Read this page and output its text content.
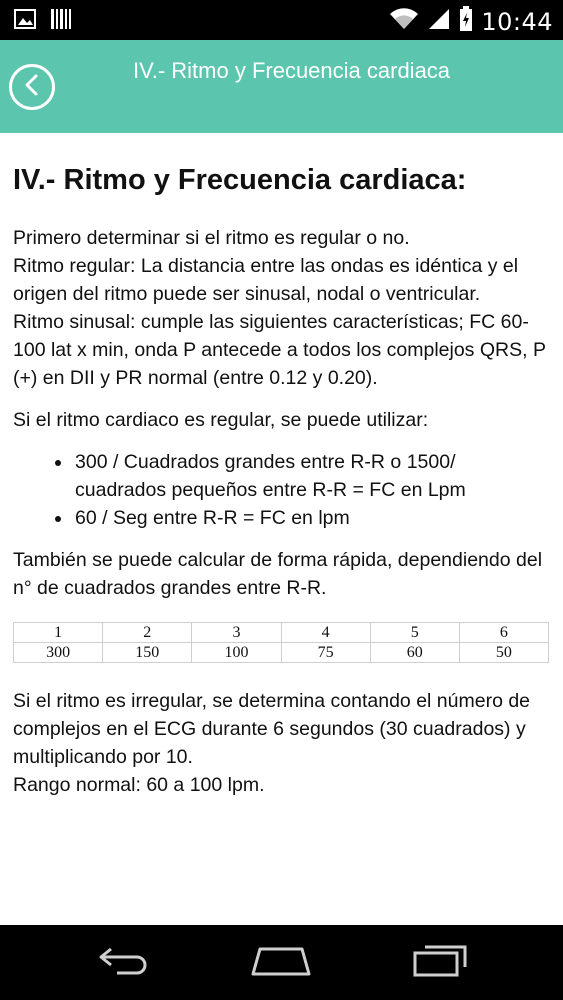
10:44
IV.- Ritmo y Frecuencia cardiaca
IV.- Ritmo y Frecuencia cardiaca:

Primero determinar si el ritmo es regular o no.

Ritmo regular: La distancia entre las ondas es idéntica y el origen del ritmo puede ser sinusal, nodal o ventricular.

Ritmo sinusal: cumple las siguientes características; FC 60-100 lat x min, onda P antecede a todos los complejos QRS, P (+) en DII y PR normal (entre 0.12 y 0.20).

Si el ritmo cardiaco es regular, se puede utilizar:

• 300 / Cuadrados grandes entre R-R o 1500/ cuadrados pequeños entre R-R = FC en Lpm
• 60 / Seg entre R-R = FC en lpm

También se puede calcular de forma rápida, dependiendo del n° de cuadrados grandes entre R-R.

1	2	3	4	5	6
300	150	100	75	60	50

Si el ritmo es irregular, se determina contando el número de complejos en el ECG durante 6 segundos (30 cuadrados) y multiplicando por 10.

Rango normal: 60 a 100 lpm.
